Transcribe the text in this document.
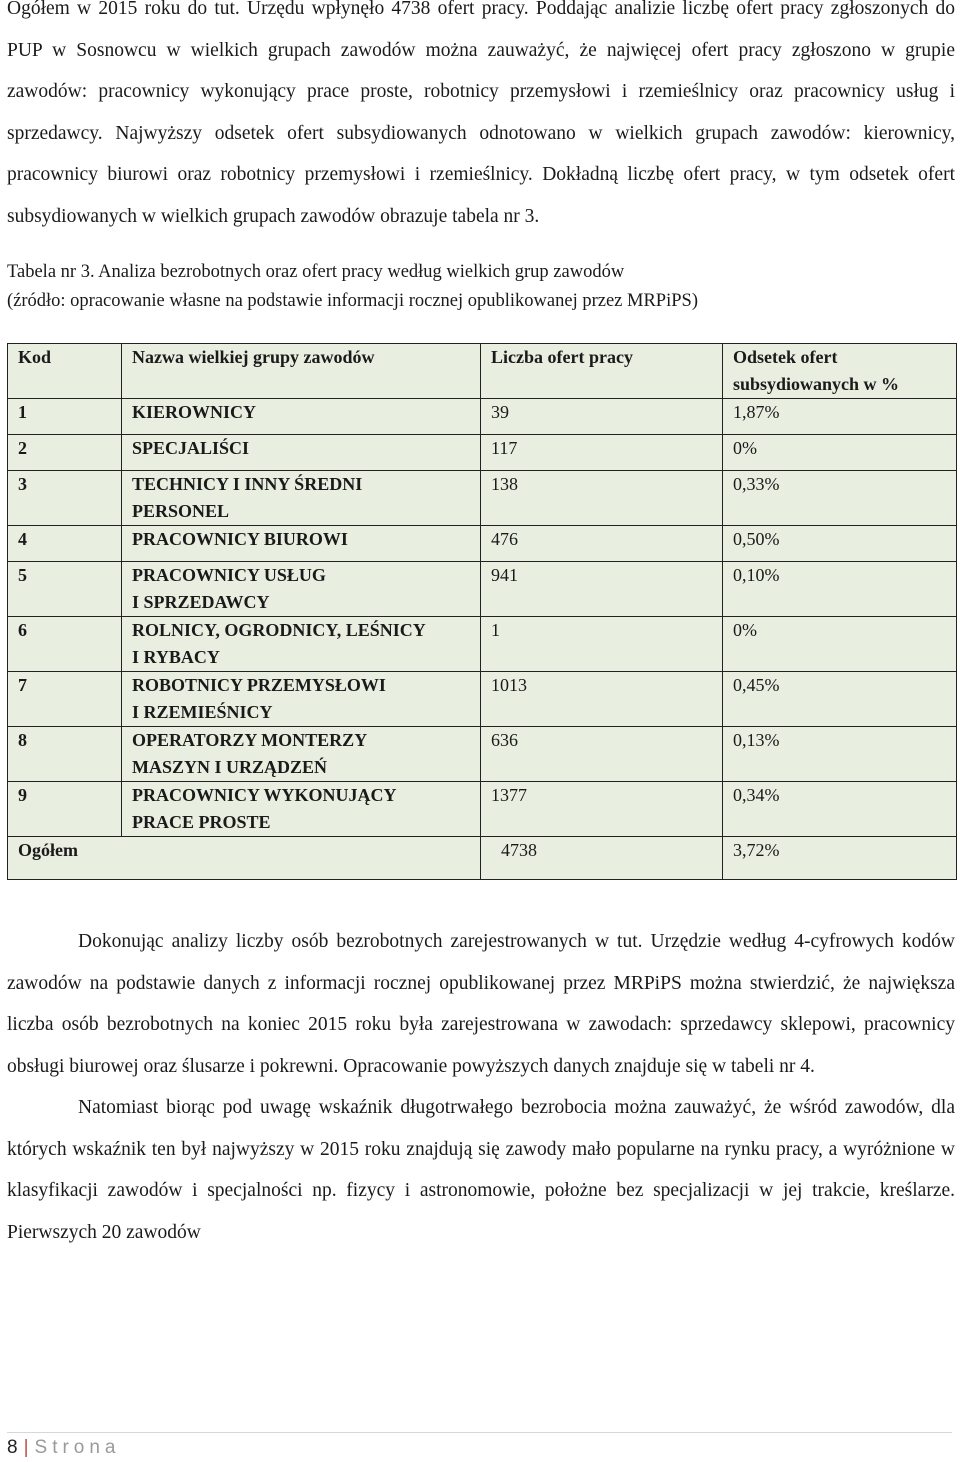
Ogółem w 2015 roku do tut. Urzędu wpłynęło 4738 ofert pracy. Poddając analizie liczbę ofert pracy zgłoszonych do PUP w Sosnowcu w wielkich grupach zawodów można zauważyć, że najwięcej ofert pracy zgłoszono w grupie zawodów: pracownicy wykonujący prace proste, robotnicy przemysłowi i rzemieślnicy oraz pracownicy usług i sprzedawcy. Najwyższy odsetek ofert subsydiowanych odnotowano w wielkich grupach zawodów: kierownicy, pracownicy biurowi oraz robotnicy przemysłowi i rzemieślnicy. Dokładną liczbę ofert pracy, w tym odsetek ofert subsydiowanych w wielkich grupach zawodów obrazuje tabela nr 3.

Tabela nr 3. Analiza bezrobotnych oraz ofert pracy według wielkich grup zawodów
(źródło: opracowanie własne na podstawie informacji rocznej opublikowanej przez MRPiPS)
Kod	Nazwa wielkiej grupy zawodów	Liczba ofert pracy	Odsetek ofert subsydiowanych w %
1	KIEROWNICY	39	1,87%
2	SPECJALIŚCI	117	0%
3	TECHNICY I INNY ŚREDNI
PERSONEL	138	0,33%
4	PRACOWNICY BIUROWI	476	0,50%
5	PRACOWNICY USŁUG
I SPRZEDAWCY	941	0,10%
6	ROLNICY, OGRODNICY, LEŚNICY
I RYBACY	1	0%
7	ROBOTNICY PRZEMYSŁOWI
I RZEMIEŚNICY	1013	0,45%
8	OPERATORZY MONTERZY
MASZYN I URZĄDZEŃ	636	0,13%
9	PRACOWNICY WYKONUJĄCY
PRACE PROSTE	1377	0,34%
Ogółem		4738	3,72%

Dokonując analizy liczby osób bezrobotnych zarejestrowanych w tut. Urzędzie według 4-cyfrowych kodów zawodów na podstawie danych z informacji rocznej opublikowanej przez MRPiPS można stwierdzić, że największa liczba osób bezrobotnych na koniec 2015 roku była zarejestrowana w zawodach: sprzedawcy sklepowi, pracownicy obsługi biurowej oraz ślusarze i pokrewni. Opracowanie powyższych danych znajduje się w tabeli nr 4.

Natomiast biorąc pod uwagę wskaźnik długotrwałego bezrobocia można zauważyć, że wśród zawodów, dla których wskaźnik ten był najwyższy w 2015 roku znajdują się zawody mało popularne na rynku pracy, a wyróżnione w klasyfikacji zawodów i specjalności np. fizycy i astronomowie, położne bez specjalizacji w jej trakcie, kreślarze. Pierwszych 20 zawodów

8 | Strona
